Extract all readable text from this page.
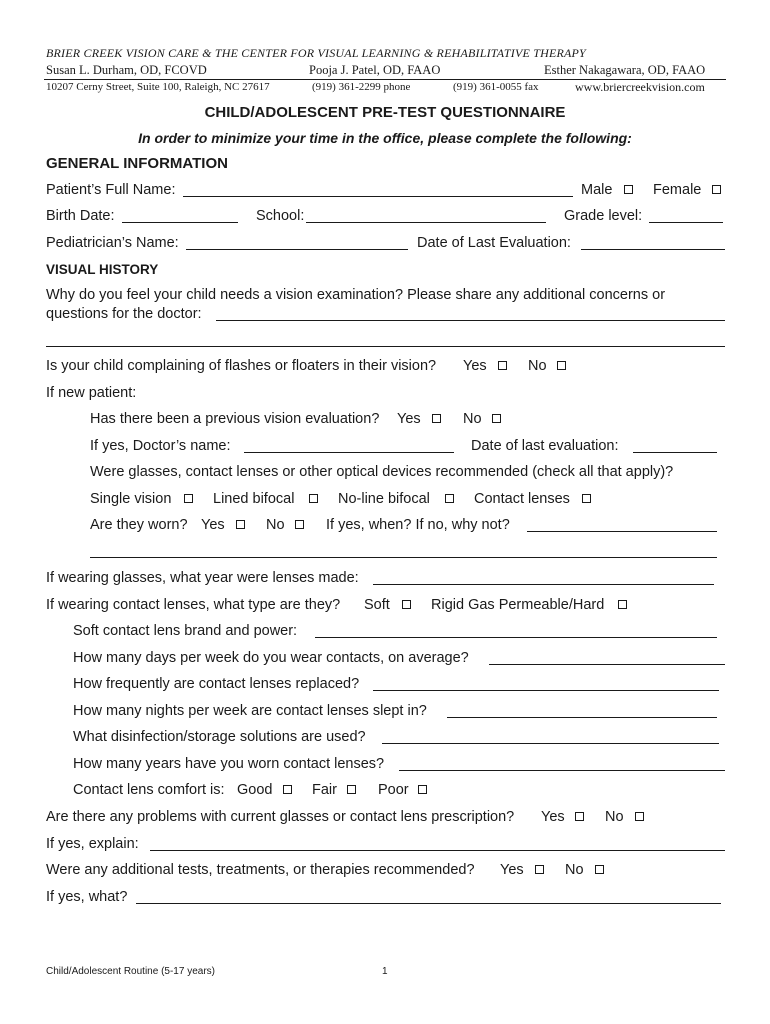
BRIER CREEK VISION CARE & THE CENTER FOR VISUAL LEARNING & REHABILITATIVE THERAPY
Susan L. Durham, OD, FCOVD	Pooja J. Patel, OD, FAAO	Esther Nakagawara, OD, FAAO
10207 Cerny Street, Suite 100, Raleigh, NC 27617	(919) 361-2299 phone	(919) 361-0055 fax	www.briercreekvision.com
CHILD/ADOLESCENT PRE-TEST QUESTIONNAIRE
In order to minimize your time in the office, please complete the following:
GENERAL INFORMATION
Patient’s Full Name:	Male	Female
Birth Date:	School:	Grade level:
Pediatrician’s Name:	Date of Last Evaluation:
VISUAL HISTORY
Why do you feel your child needs a vision examination? Please share any additional concerns or
questions for the doctor:
Is your child complaining of flashes or floaters in their vision? Yes	No
If new patient:
Has there been a previous vision evaluation? Yes	No
If yes, Doctor’s name:	Date of last evaluation:
Were glasses, contact lenses or other optical devices recommended (check all that apply)?
Single vision	Lined bifocal	No-line bifocal	Contact lenses
Are they worn? Yes	No	If yes, when? If no, why not?
If wearing glasses, what year were lenses made:
If wearing contact lenses, what type are they? Soft	Rigid Gas Permeable/Hard
Soft contact lens brand and power:
How many days per week do you wear contacts, on average?
How frequently are contact lenses replaced?
How many nights per week are contact lenses slept in?
What disinfection/storage solutions are used?
How many years have you worn contact lenses?
Contact lens comfort is: Good	Fair	Poor
Are there any problems with current glasses or contact lens prescription? Yes	No
If yes, explain:
Were any additional tests, treatments, or therapies recommended? Yes	No
If yes, what?
Child/Adolescent Routine (5-17 years)	1
